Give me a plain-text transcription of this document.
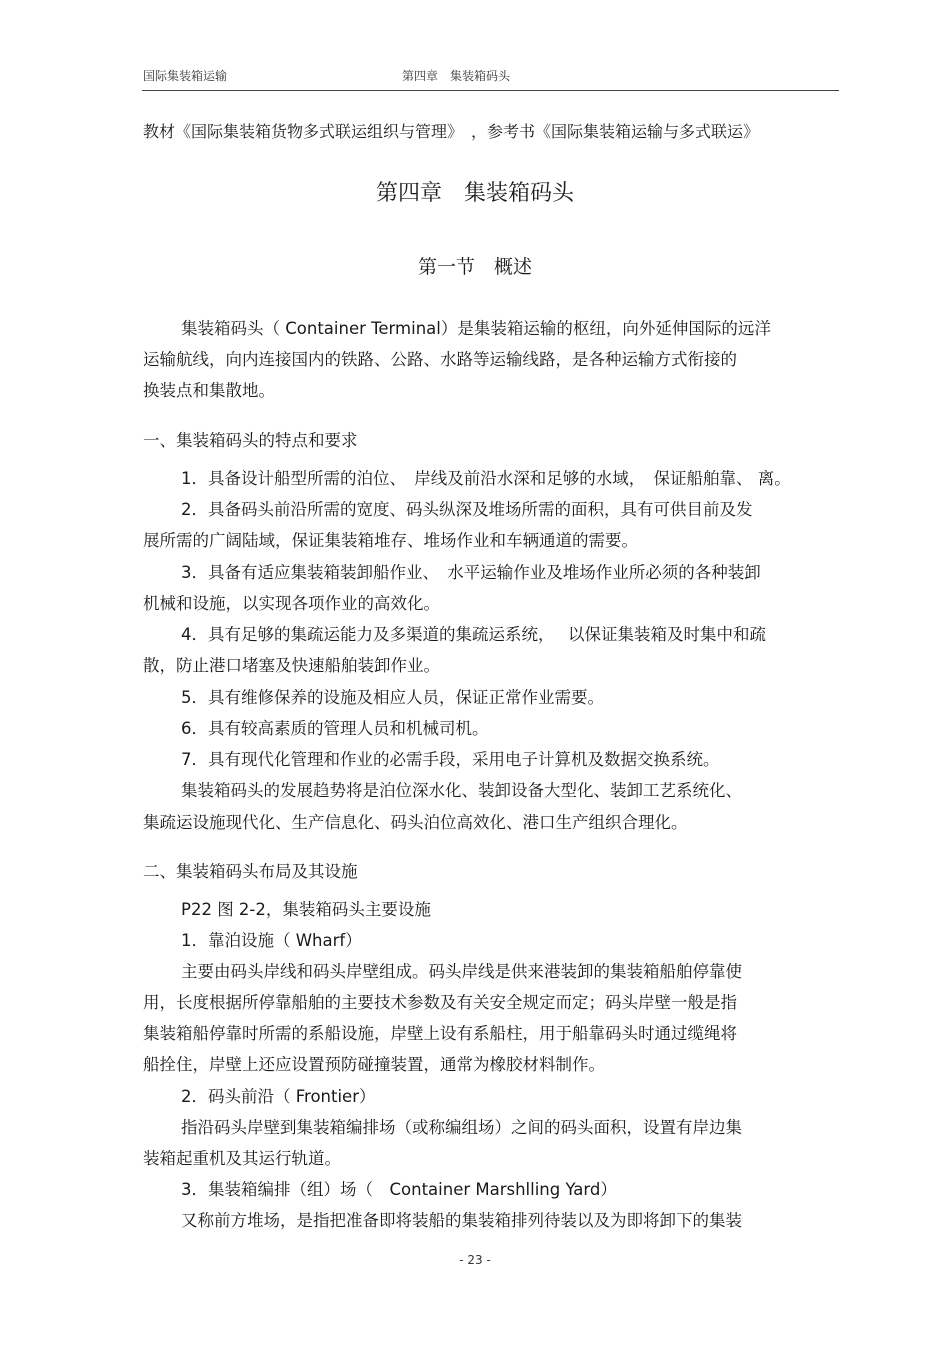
国际集装箱运输	第四章　集装箱码头
教材《国际集装箱货物多式联运组织与管理》　，参考书《国际集装箱运输与多式联运》
第四章　集装箱码头
第一节　概述
集装箱码头（ Container Terminal）是集装箱运输的枢纽，向外延伸国际的远洋
运输航线，向内连接国内的铁路、公路、水路等运输线路，是各种运输方式衔接的
换装点和集散地。
一、集装箱码头的特点和要求
1．具备设计船型所需的泊位、　岸线及前沿水深和足够的水域，　保证船舶靠、 离。
2．具备码头前沿所需的宽度、码头纵深及堆场所需的面积，具有可供目前及发
展所需的广阔陆域，保证集装箱堆存、堆场作业和车辆通道的需要。
3．具备有适应集装箱装卸船作业、　水平运输作业及堆场作业所必须的各种装卸
机械和设施，以实现各项作业的高效化。
4．具有足够的集疏运能力及多渠道的集疏运系统，　 以保证集装箱及时集中和疏
散，防止港口堵塞及快速船舶装卸作业。
5．具有维修保养的设施及相应人员，保证正常作业需要。
6．具有较高素质的管理人员和机械司机。
7．具有现代化管理和作业的必需手段，采用电子计算机及数据交换系统。
集装箱码头的发展趋势将是泊位深水化、装卸设备大型化、装卸工艺系统化、
集疏运设施现代化、生产信息化、码头泊位高效化、港口生产组织合理化。
二、集装箱码头布局及其设施
P22 图 2-2，集装箱码头主要设施
1．靠泊设施（ Wharf）
主要由码头岸线和码头岸壁组成。码头岸线是供来港装卸的集装箱船舶停靠使
用，长度根据所停靠船舶的主要技术参数及有关安全规定而定；码头岸壁一般是指
集装箱船停靠时所需的系船设施，岸壁上设有系船柱，用于船靠码头时通过缆绳将
船拴住，岸壁上还应设置预防碰撞装置，通常为橡胶材料制作。
2．码头前沿（ Frontier）
指沿码头岸壁到集装箱编排场（或称编组场）之间的码头面积，设置有岸边集
装箱起重机及其运行轨道。
3．集装箱编排（组）场（　Container Marshlling Yard）
又称前方堆场，是指把准备即将装船的集装箱排列待装以及为即将卸下的集装
- 23 -
